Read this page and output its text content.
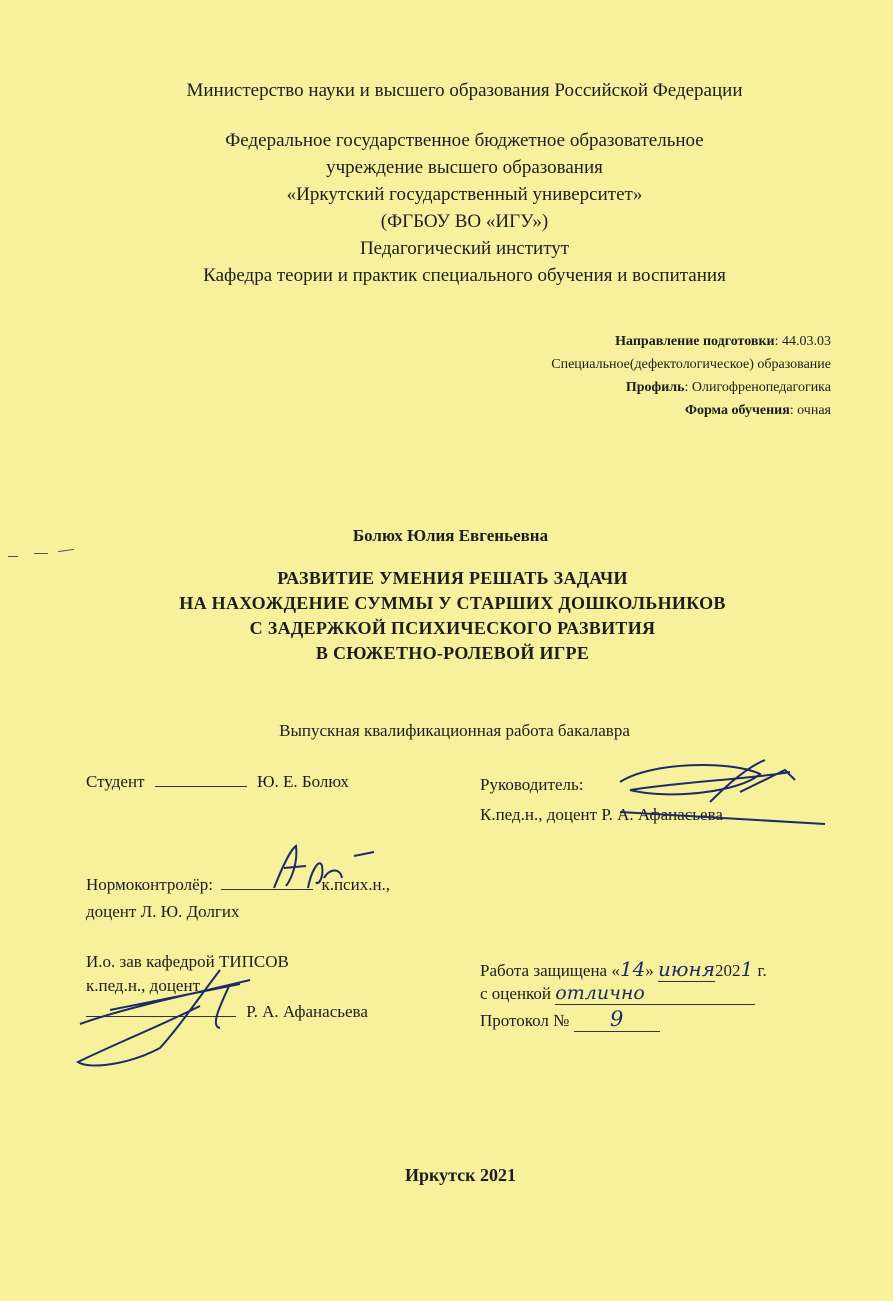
Министерство науки и высшего образования Российской Федерации
Федеральное государственное бюджетное образовательное
учреждение высшего образования
«Иркутский государственный университет»
(ФГБОУ ВО «ИГУ»)
Педагогический институт
Кафедра теории и практик специального обучения и воспитания
Направление подготовки: 44.03.03
Специальное(дефектологическое) образование
Профиль: Олигофренопедагогика
Форма обучения: очная
Болюх Юлия Евгеньевна
РАЗВИТИЕ УМЕНИЯ РЕШАТЬ ЗАДАЧИ
НА НАХОЖДЕНИЕ СУММЫ У СТАРШИХ ДОШКОЛЬНИКОВ
С ЗАДЕРЖКОЙ ПСИХИЧЕСКОГО РАЗВИТИЯ
В СЮЖЕТНО-РОЛЕВОЙ ИГРЕ
Выпускная квалификационная работа бакалавра
Студент	Ю. Е. Болюх	Руководитель:
К.пед.н., доцент Р. А. Афанасьева
Нормоконтролёр:	к.псих.н.,
доцент Л. Ю. Долгих
И.о. зав кафедрой ТИПСОВ
к.пед.н., доцент
Р. А. Афанасьева
Работа защищена «14» июня2021 г.
с оценкой отлично
Протокол № 9
Иркутск 2021
